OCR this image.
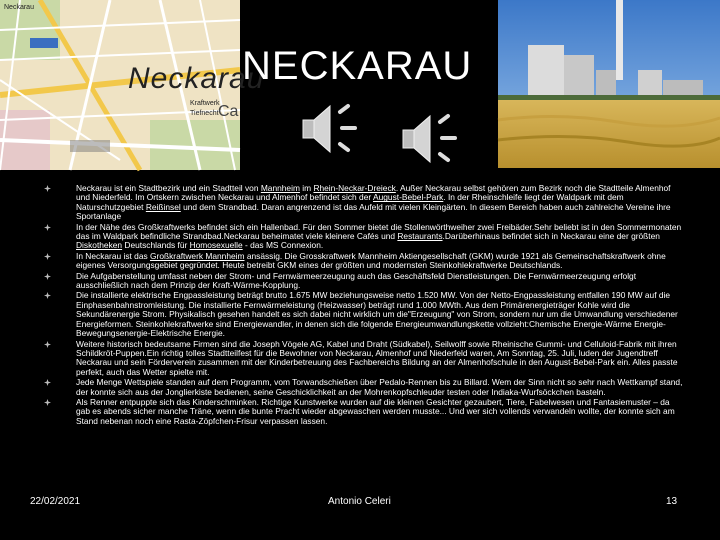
Neckarau
Kraftwerk
Tiefnecht
Neckarau
Ca
NECKARAU
Neckarau ist ein Stadtbezirk und ein Stadtteil von Mannheim im Rhein-Neckar-Dreieck. Außer Neckarau selbst gehören zum Bezirk noch die Stadtteile Almenhof und Niederfeld. Im Ortskern zwischen Neckarau und Almenhof befindet sich der August-Bebel-Park. In der Rheinschleife liegt der Waldpark mit dem Naturschutzgebiet Reißinsel und dem Strandbad. Daran angrenzend ist das Aufeld mit vielen Kleingärten. In diesem Bereich haben auch zahlreiche Vereine ihre Sportanlage
In der Nähe des Großkraftwerks befindet sich ein Hallenbad. Für den Sommer bietet die Stollenwörthweiher zwei Freibäder.Sehr beliebt ist in den Sommermonaten das im Waldpark befindliche Strandbad.Neckarau beheimatet viele kleinere Cafés und Restaurants.Darüberhinaus befindet sich in Neckarau eine der größten Diskotheken Deutschlands für Homosexuelle - das MS Connexion.
In Neckarau ist das Großkraftwerk Mannheim ansässig. Die Grosskraftwerk Mannheim Aktiengesellschaft (GKM) wurde 1921 als Gemeinschaftskraftwerk ohne eigenes Versorgungsgebiet gegründet. Heute betreibt GKM eines der größten und modernsten Steinkohlekraftwerke Deutschlands.
Die Aufgabenstellung umfasst neben der Strom- und Fernwärmeerzeugung auch das Geschäftsfeld Dienstleistungen. Die Fernwärmeerzeugung erfolgt ausschließlich nach dem Prinzip der Kraft-Wärme-Kopplung.
Die installierte elektrische Engpassleistung beträgt brutto 1.675 MW beziehungsweise netto 1.520 MW. Von der Netto-Engpassleistung entfallen 190 MW auf die Einphasenbahnstromleistung. Die installierte Fernwärmeleistung (Heizwasser) beträgt rund 1.000 MWth. Aus dem Primärenergieträger Kohle wird die Sekundärenergie Strom. Physikalisch gesehen handelt es sich dabei nicht wirklich um die"Erzeugung" von Strom, sondern nur um die Umwandlung verschiedener Energieformen. Steinkohlekraftwerke sind Energiewandler, in denen sich die folgende Energieumwandlungskette vollzieht:Chemische Energie-Wärme Energie-Bewegungsenergie-Elektrische Energie.
Weitere historisch bedeutsame Firmen sind die Joseph Vögele AG, Kabel und Draht (Südkabel), Seilwolff sowie Rheinische Gummi- und Celluloid-Fabrik mit ihren Schildkröt-Puppen.Ein richtig tolles Stadtteilfest für die Bewohner von Neckarau, Almenhof und Niederfeld waren, Am Sonntag, 25. Juli, luden der Jugendtreff Neckarau und sein Förderverein zusammen mit der Kinderbetreuung des Fachbereichs Bildung an der Almenhofschule in den August-Bebel-Park ein. Alles passte perfekt, auch das Wetter spielte mit.
Jede Menge Wettspiele standen auf dem Programm, vom Torwandschießen über Pedalo-Rennen bis zu Billard. Wem der Sinn nicht so sehr nach Wettkampf stand, der konnte sich aus der Jonglierkiste bedienen, seine Geschicklichkeit an der Mohrenkopfschleuder testen oder Indiaka-Wurfsöckchen basteln.
Als Renner entpuppte sich das Kinderschminken. Richtige Kunstwerke wurden auf die kleinen Gesichter gezaubert, Tiere, Fabelwesen und Fantasiemuster – da gab es abends sicher manche Träne, wenn die bunte Pracht wieder abgewaschen werden musste... Und wer sich vollends verwandeln wollte, der konnte sich am Stand nebenan noch eine Rasta-Zöpfchen-Frisur verpassen lassen.
22/02/2021	Antonio Celeri	13
